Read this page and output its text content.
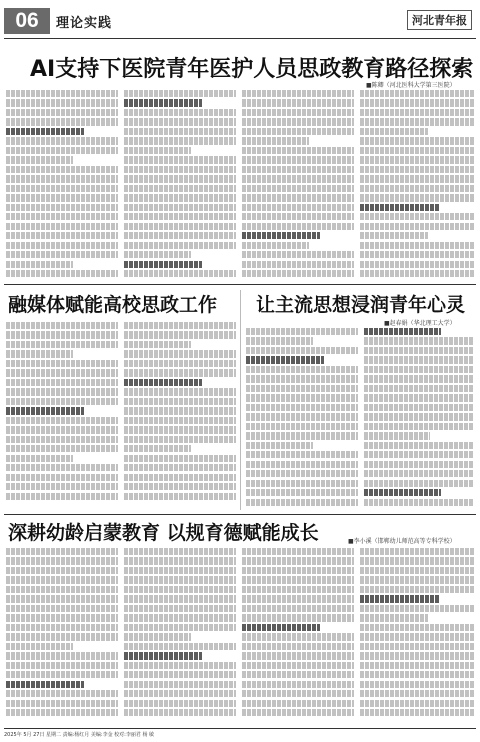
06	理论实践	河北青年报
AI支持下医院青年医护人员思政教育路径探索
■陈卿（河北医科大学第三医院）
融媒体赋能高校思政工作 让主流思想浸润青年心灵
■赵春娟（华北理工大学）
深耕幼龄启蒙教育 以规育德赋能成长	■李小溪（邯郸幼儿师范高等专科学校）
2025年 5月 27日 星期二 责编:杨红月 美编:李金 校对:李丽君 杨 敏
